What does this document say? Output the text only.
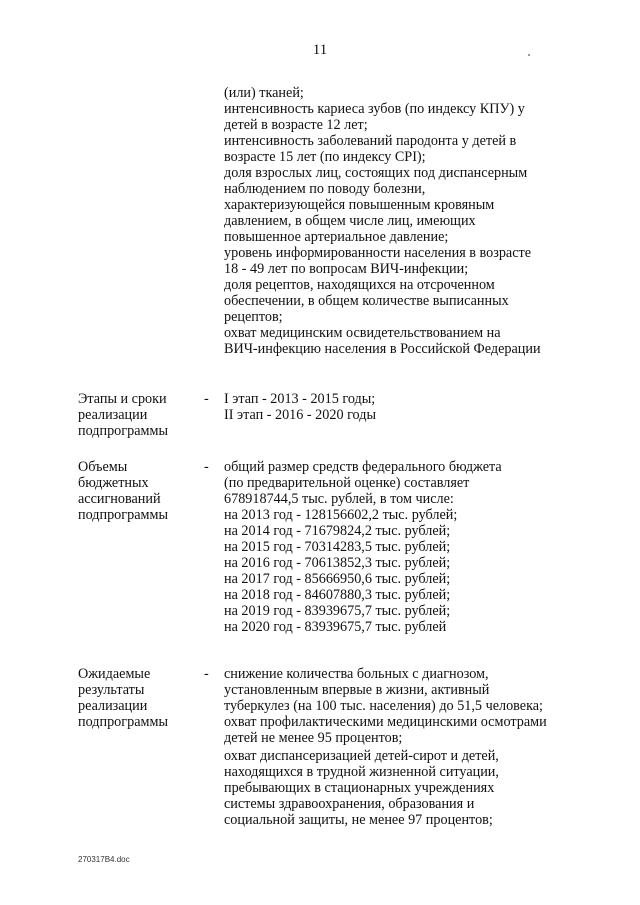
11
(или) тканей;
интенсивность кариеса зубов (по индексу КПУ) у
детей в возрасте 12 лет;
интенсивность заболеваний пародонта у детей в
возрасте 15 лет (по индексу CPI);
доля взрослых лиц, состоящих под диспансерным
наблюдением по поводу болезни,
характеризующейся повышенным кровяным
давлением, в общем числе лиц, имеющих
повышенное артериальное давление;
уровень информированности населения в возрасте
18 - 49 лет по вопросам ВИЧ-инфекции;
доля рецептов, находящихся на отсроченном
обеспечении, в общем количестве выписанных
рецептов;
охват медицинским освидетельствованием на
ВИЧ-инфекцию населения в Российской Федерации
Этапы и сроки
реализации
подпрограммы
- I этап - 2013 - 2015 годы;
II этап - 2016 - 2020 годы
Объемы
бюджетных
ассигнований
подпрограммы
- общий размер средств федерального бюджета
(по предварительной оценке) составляет
678918744,5 тыс. рублей, в том числе:
на 2013 год - 128156602,2 тыс. рублей;
на 2014 год - 71679824,2 тыс. рублей;
на 2015 год - 70314283,5 тыс. рублей;
на 2016 год - 70613852,3 тыс. рублей;
на 2017 год - 85666950,6 тыс. рублей;
на 2018 год - 84607880,3 тыс. рублей;
на 2019 год - 83939675,7 тыс. рублей;
на 2020 год - 83939675,7 тыс. рублей
Ожидаемые
результаты
реализации
подпрограммы
- снижение количества больных с диагнозом,
установленным впервые в жизни, активный
туберкулез (на 100 тыс. населения) до 51,5 человека;
охват профилактическими медицинскими осмотрами
детей не менее 95 процентов;
охват диспансеризацией детей-сирот и детей,
находящихся в трудной жизненной ситуации,
пребывающих в стационарных учреждениях
системы здравоохранения, образования и
социальной защиты, не менее 97 процентов;
270317В4.doc
